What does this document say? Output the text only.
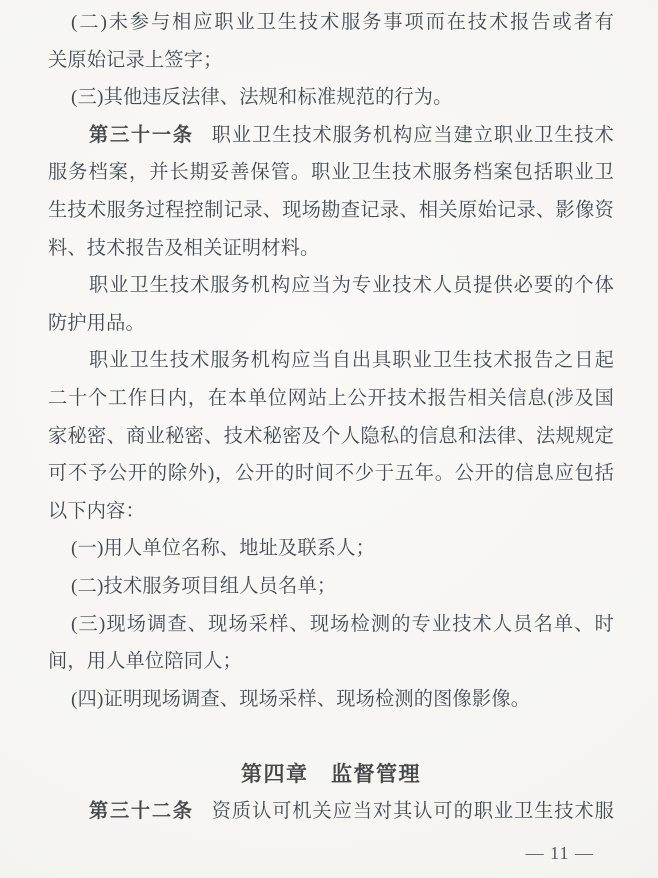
(二)未参与相应职业卫生技术服务事项而在技术报告或者有
关原始记录上签字；
(三)其他违反法律、法规和标准规范的行为。
第三十一条 职业卫生技术服务机构应当建立职业卫生技术
服务档案，并长期妥善保管。职业卫生技术服务档案包括职业卫
生技术服务过程控制记录、现场勘查记录、相关原始记录、影像资
料、技术报告及相关证明材料。
职业卫生技术服务机构应当为专业技术人员提供必要的个体
防护用品。
职业卫生技术服务机构应当自出具职业卫生技术报告之日起
二十个工作日内，在本单位网站上公开技术报告相关信息(涉及国
家秘密、商业秘密、技术秘密及个人隐私的信息和法律、法规规定
可不予公开的除外)，公开的时间不少于五年。公开的信息应包括
以下内容：
(一)用人单位名称、地址及联系人；
(二)技术服务项目组人员名单；
(三)现场调查、现场采样、现场检测的专业技术人员名单、时
间，用人单位陪同人；
(四)证明现场调查、现场采样、现场检测的图像影像。
第四章　监督管理
第三十二条 资质认可机关应当对其认可的职业卫生技术服
— 11 —
